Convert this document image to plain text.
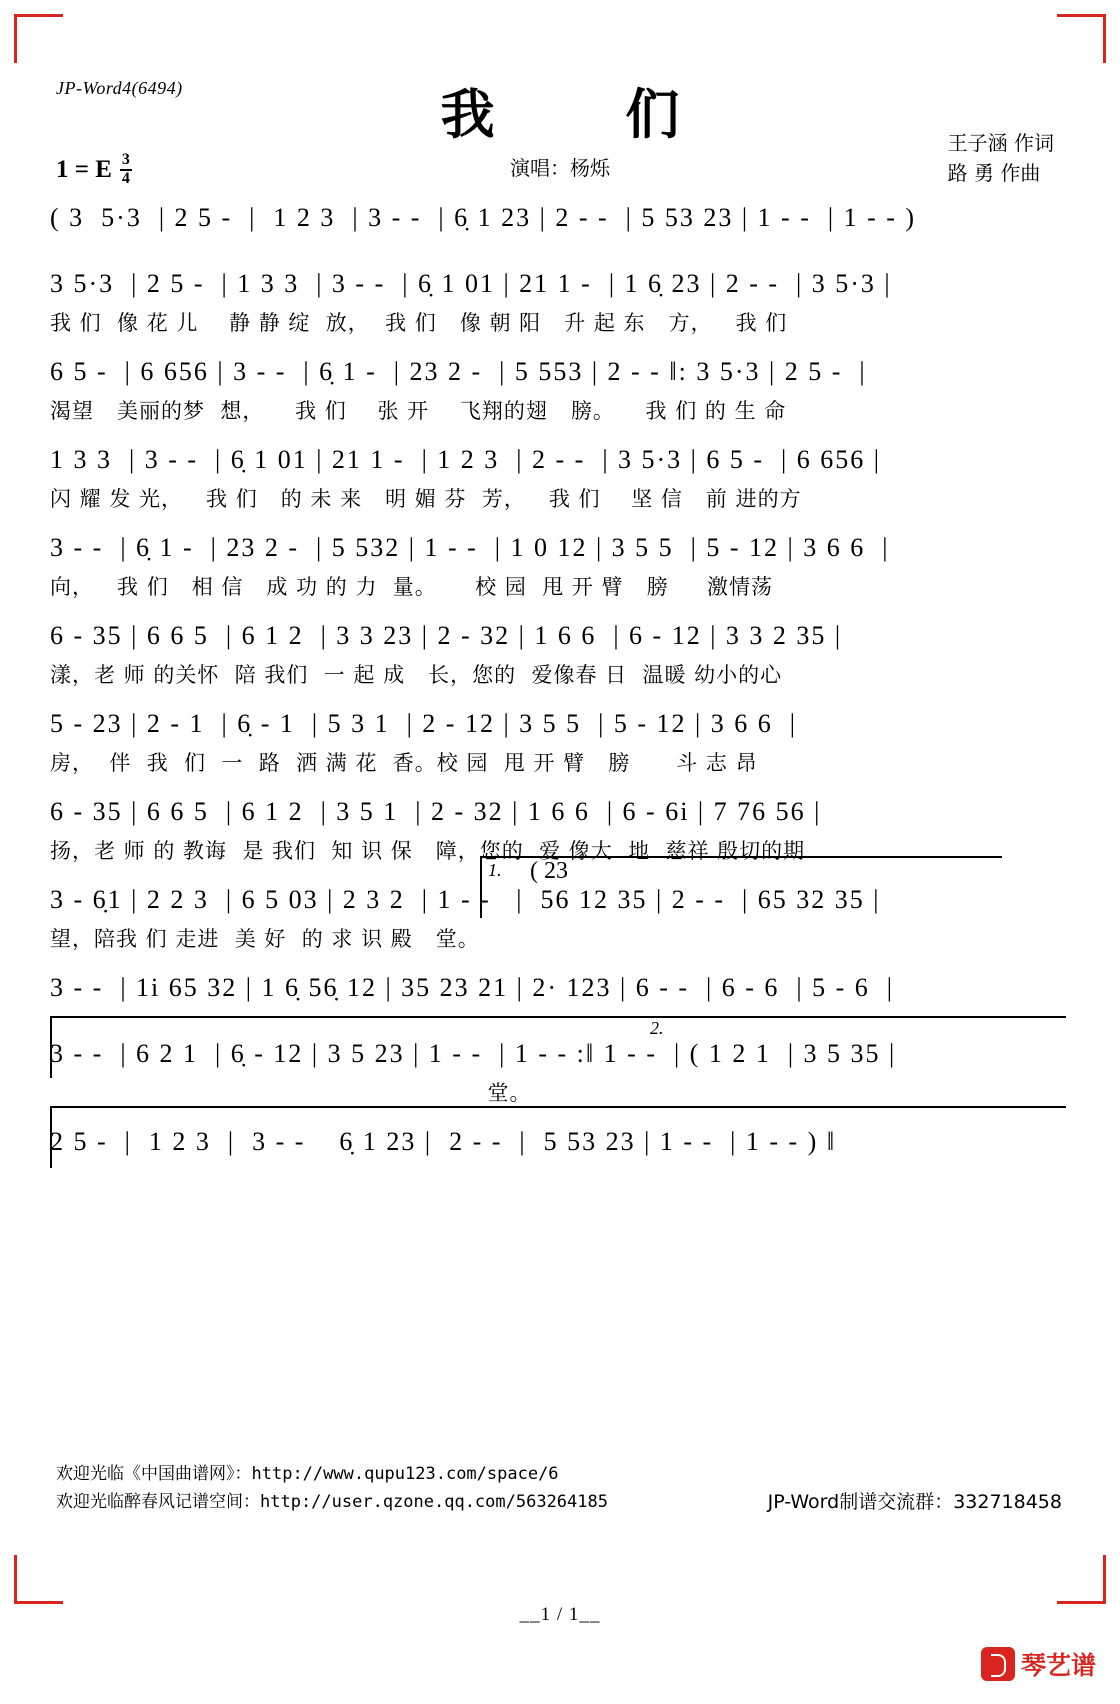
JP-Word4(6494)	我 们
演唱：杨烁
王子涵 作词
路 勇 作曲
1 = E $\frac{3}{4}$
( 3  5·3  | 2 5 -  |  1 2 3  | 3 - -  | 6̣ 1 23 | 2 - -  | 5 53 23 | 1 - -  | 1 - - )
3 5·3  | 2 5 -  | 1 3 3  | 3 - -  | 6̣ 1 01 | 21 1 -  | 1 6̣ 23 | 2 - -  | 3 5·3 |
我 们  像 花 儿    静 静 绽  放，  我 们   像 朝 阳   升 起 东   方，   我 们
6 5 -  | 6 656 | 3 - -  | 6̣ 1 -  | 23 2 -  | 5 553 | 2 - - ‖: 3 5·3 | 2 5 -  |
渴望   美丽的梦  想，    我 们    张 开    飞翔的翅   膀。    我 们 的 生 命
1 3 3  | 3 - -  | 6̣ 1 01 | 21 1 -  | 1 2 3  | 2 - -  | 3 5·3 | 6 5 -  | 6 656 |
闪 耀 发 光，   我 们   的 未 来   明 媚 芬  芳，   我 们    坚 信   前 进的方
3 - -  | 6̣ 1 -  | 23 2 -  | 5 532 | 1 - -  | 1 0 12 | 3 5 5  | 5 - 12 | 3 6 6  |
向，   我 们   相 信   成 功 的 力  量。     校 园  甩 开 臂   膀     激情荡
6 - 35 | 6 6 5  | 6 1 2  | 3 3 23 | 2 - 32 | 1 6 6  | 6 - 12 | 3 3 2 35 |
漾，老 师 的关怀  陪 我们  一 起 成   长，您的  爱像春 日  温暖 幼小的心
5 - 23 | 2 - 1  | 6̣ - 1  | 5 3 1  | 2 - 12 | 3 5 5  | 5 - 12 | 3 6 6  |
房，  伴  我  们  一  路  洒 满 花  香。校 园  甩 开 臂   膀      斗 志 昂
6 - 35 | 6 6 5  | 6 1 2  | 3 5 1  | 2 - 32 | 1 6 6  | 6 - 6i | 7 76 56 |
扬，老 师 的 教诲  是 我们  知 识 保   障，您的  爱 像大  地  慈祥 殷切的期
1. ( 23
3 - 6̣1 | 2 2 3  | 6 5 03 | 2 3 2  | 1 - -   |  56 12 35 | 2 - -  | 65 32 35 |
望，陪我 们 走进  美 好  的 求 识 殿   堂。
3 - -  | 1i 65 32 | 1 6̣ 56̣ 12 | 35 23 21 | 2· 123 | 6 - -  | 6 - 6  | 5 - 6  |
2.
3 - -  | 6 2 1  | 6̣ - 12 | 3 5 23 | 1 - -  | 1 - - :‖ 1 - -  | ( 1 2 1  | 3 5 35 |
堂。
2 5 -  |  1 2 3  |  3 - -    6̣ 1 23 |  2 - -  |  5 53 23 | 1 - -  | 1 - - ) ‖
欢迎光临《中国曲谱网》：http://www.qupu123.com/space/6
欢迎光临醉春风记谱空间：http://user.qzone.qq.com/563264185	JP-Word制谱交流群：332718458
__1 / 1__
琴艺谱
